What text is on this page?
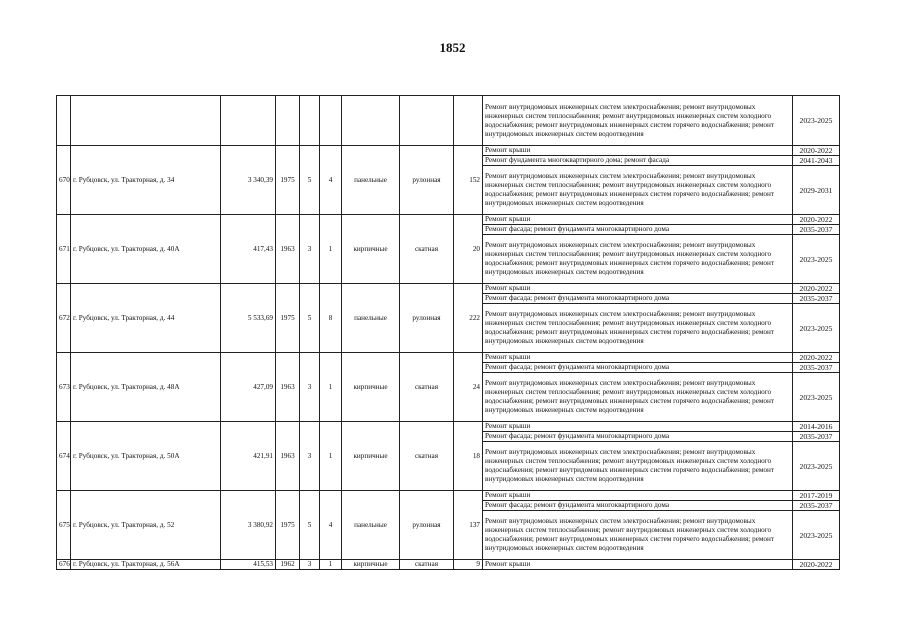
1852
									Ремонт внутридомовых инженерных систем электроснабжения; ремонт внутридомовых инженерных систем теплоснабжения; ремонт внутридомовых инженерных систем холодного водоснабжения; ремонт внутридомовых инженерных систем горячего водоснабжения; ремонт внутридомовых инженерных систем водоотведения	2023-2025
670	г. Рубцовск, ул. Тракторная, д. 34	3 340,39	1975	5	4	панельные	рулонная	152	Ремонт крыши	2020-2022
									Ремонт фундамента многоквартирного дома; ремонт фасада	2041-2043
									Ремонт внутридомовых инженерных систем электроснабжения; ремонт внутридомовых инженерных систем теплоснабжения; ремонт внутридомовых инженерных систем холодного водоснабжения; ремонт внутридомовых инженерных систем горячего водоснабжения; ремонт внутридомовых инженерных систем водоотведения	2029-2031
671	г. Рубцовск, ул. Тракторная, д. 40А	417,43	1963	3	1	кирпичные	скатная	20	Ремонт крыши	2020-2022
									Ремонт фасада; ремонт фундамента многоквартирного дома	2035-2037
									Ремонт внутридомовых инженерных систем электроснабжения; ремонт внутридомовых инженерных систем теплоснабжения; ремонт внутридомовых инженерных систем холодного водоснабжения; ремонт внутридомовых инженерных систем горячего водоснабжения; ремонт внутридомовых инженерных систем водоотведения	2023-2025
672	г. Рубцовск, ул. Тракторная, д. 44	5 533,69	1975	5	8	панельные	рулонная	222	Ремонт крыши	2020-2022
									Ремонт фасада; ремонт фундамента многоквартирного дома	2035-2037
									Ремонт внутридомовых инженерных систем электроснабжения; ремонт внутридомовых инженерных систем теплоснабжения; ремонт внутридомовых инженерных систем холодного водоснабжения; ремонт внутридомовых инженерных систем горячего водоснабжения; ремонт внутридомовых инженерных систем водоотведения	2023-2025
673	г. Рубцовск, ул. Тракторная, д. 48А	427,09	1963	3	1	кирпичные	скатная	24	Ремонт крыши	2020-2022
									Ремонт фасада; ремонт фундамента многоквартирного дома	2035-2037
									Ремонт внутридомовых инженерных систем электроснабжения; ремонт внутридомовых инженерных систем теплоснабжения; ремонт внутридомовых инженерных систем холодного водоснабжения; ремонт внутридомовых инженерных систем горячего водоснабжения; ремонт внутридомовых инженерных систем водоотведения	2023-2025
674	г. Рубцовск, ул. Тракторная, д. 50А	421,91	1963	3	1	кирпичные	скатная	18	Ремонт крыши	2014-2016
									Ремонт фасада; ремонт фундамента многоквартирного дома	2035-2037
									Ремонт внутридомовых инженерных систем электроснабжения; ремонт внутридомовых инженерных систем теплоснабжения; ремонт внутридомовых инженерных систем холодного водоснабжения; ремонт внутридомовых инженерных систем горячего водоснабжения; ремонт внутридомовых инженерных систем водоотведения	2023-2025
675	г. Рубцовск, ул. Тракторная, д. 52	3 380,92	1975	5	4	панельные	рулонная	137	Ремонт крыши	2017-2019
									Ремонт фасада; ремонт фундамента многоквартирного дома	2035-2037
									Ремонт внутридомовых инженерных систем электроснабжения; ремонт внутридомовых инженерных систем теплоснабжения; ремонт внутридомовых инженерных систем холодного водоснабжения; ремонт внутридомовых инженерных систем горячего водоснабжения; ремонт внутридомовых инженерных систем водоотведения	2023-2025
676	г. Рубцовск, ул. Тракторная, д. 56А	415,53	1962	3	1	кирпичные	скатная	9	Ремонт крыши	2020-2022
